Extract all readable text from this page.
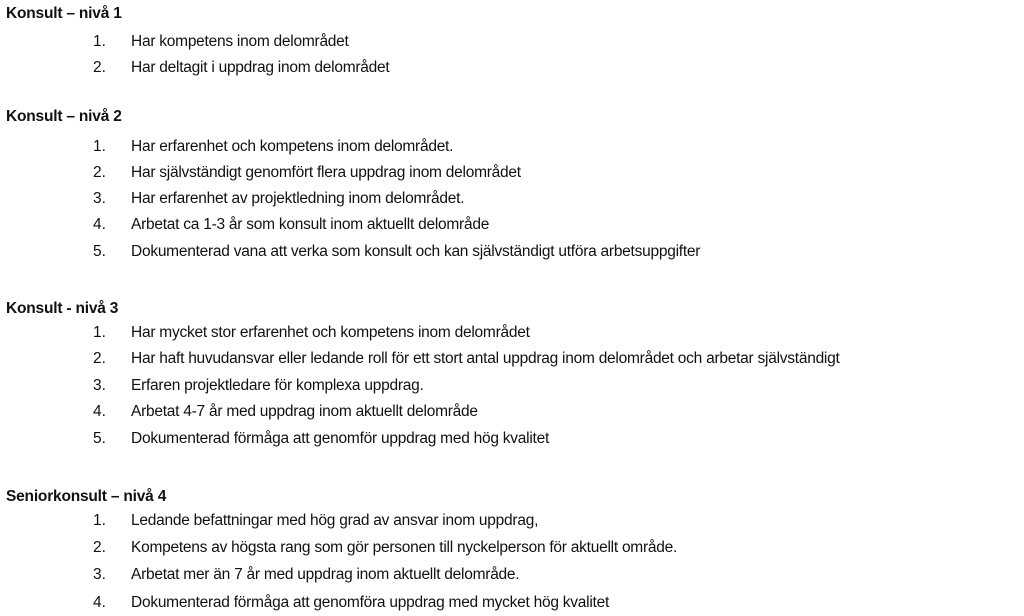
Konsult – nivå 1
1.	Har kompetens inom delområdet
2.	Har deltagit i uppdrag inom delområdet
Konsult – nivå 2
1.	Har erfarenhet och kompetens inom delområdet.
2.	Har självständigt genomfört flera uppdrag inom delområdet
3.	Har erfarenhet av projektledning inom delområdet.
4.	Arbetat ca 1-3 år som konsult inom aktuellt delområde
5.	Dokumenterad vana att verka som konsult och kan självständigt utföra arbetsuppgifter
Konsult - nivå 3
1.	Har mycket stor erfarenhet och kompetens inom delområdet
2.	Har haft huvudansvar eller ledande roll för ett stort antal uppdrag inom delområdet och arbetar självständigt
3.	Erfaren projektledare för komplexa uppdrag.
4.	Arbetat 4-7 år med uppdrag inom aktuellt delområde
5.	Dokumenterad förmåga att genomför uppdrag med hög kvalitet
Seniorkonsult – nivå 4
1.	Ledande befattningar med hög grad av ansvar inom uppdrag,
2.	Kompetens av högsta rang som gör personen till nyckelperson för aktuellt område.
3.	Arbetat mer än 7 år med uppdrag inom aktuellt delområde.
4.	Dokumenterad förmåga att genomföra uppdrag med mycket hög kvalitet
